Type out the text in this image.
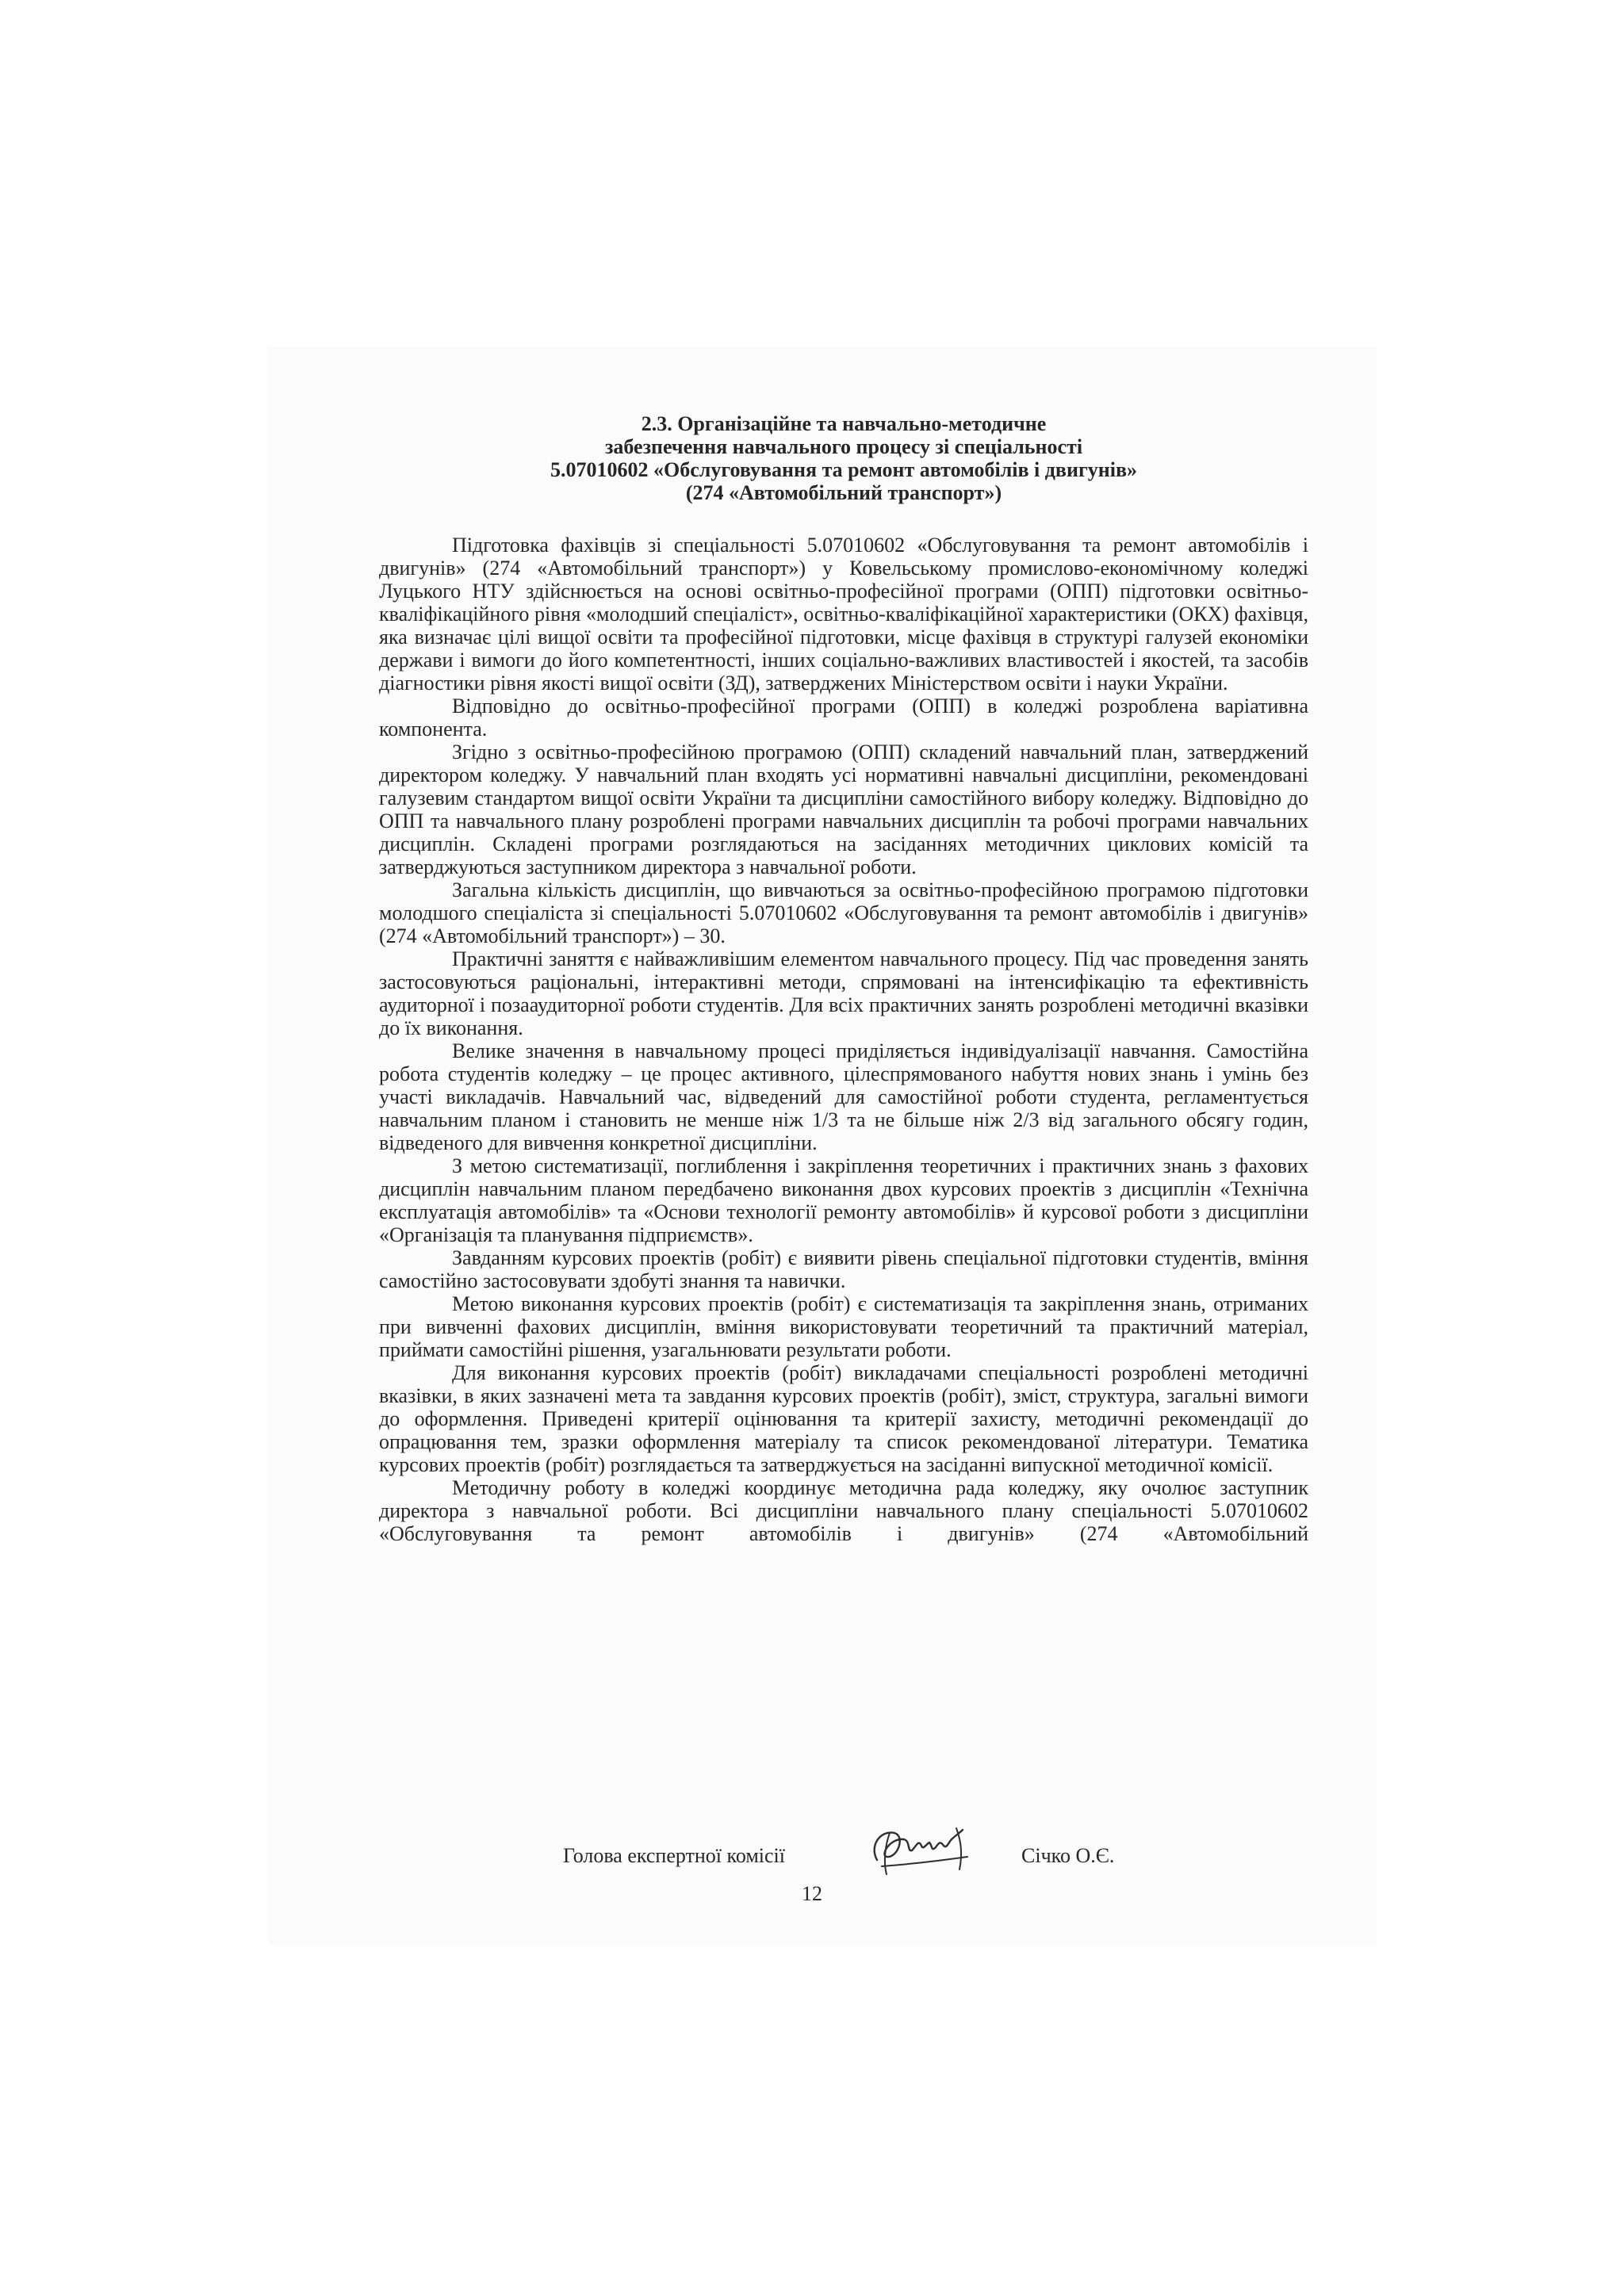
2.3. Організаційне та навчально-методичне
забезпечення навчального процесу зі спеціальності
5.07010602 «Обслуговування та ремонт автомобілів і двигунів»
(274 «Автомобільний транспорт»)

Підготовка фахівців зі спеціальності 5.07010602 «Обслуговування та ремонт автомобілів і двигунів» (274 «Автомобільний транспорт») у Ковельському промислово-економічному коледжі Луцького НТУ здійснюється на основі освітньо-професійної програми (ОПП) підготовки освітньо-кваліфікаційного рівня «молодший спеціаліст», освітньо-кваліфікаційної характеристики (ОКХ) фахівця, яка визначає цілі вищої освіти та професійної підготовки, місце фахівця в структурі галузей економіки держави і вимоги до його компетентності, інших соціально-важливих властивостей і якостей, та засобів діагностики рівня якості вищої освіти (ЗД), затверджених Міністерством освіти і науки України.

Відповідно до освітньо-професійної програми (ОПП) в коледжі розроблена варіативна компонента.

Згідно з освітньо-професійною програмою (ОПП) складений навчальний план, затверджений директором коледжу. У навчальний план входять усі нормативні навчальні дисципліни, рекомендовані галузевим стандартом вищої освіти України та дисципліни самостійного вибору коледжу. Відповідно до ОПП та навчального плану розроблені програми навчальних дисциплін та робочі програми навчальних дисциплін. Складені програми розглядаються на засіданнях методичних циклових комісій та затверджуються заступником директора з навчальної роботи.

Загальна кількість дисциплін, що вивчаються за освітньо-професійною програмою підготовки молодшого спеціаліста зі спеціальності 5.07010602 «Обслуговування та ремонт автомобілів і двигунів» (274 «Автомобільний транспорт») – 30.

Практичні заняття є найважливішим елементом навчального процесу. Під час проведення занять застосовуються раціональні, інтерактивні методи, спрямовані на інтенсифікацію та ефективність аудиторної і позааудиторної роботи студентів. Для всіх практичних занять розроблені методичні вказівки до їх виконання.

Велике значення в навчальному процесі приділяється індивідуалізації навчання. Самостійна робота студентів коледжу – це процес активного, цілеспрямованого набуття нових знань і умінь без участі викладачів. Навчальний час, відведений для самостійної роботи студента, регламентується навчальним планом і становить не менше ніж 1/3 та не більше ніж 2/3 від загального обсягу годин, відведеного для вивчення конкретної дисципліни.

З метою систематизації, поглиблення і закріплення теоретичних і практичних знань з фахових дисциплін навчальним планом передбачено виконання двох курсових проектів з дисциплін «Технічна експлуатація автомобілів» та «Основи технології ремонту автомобілів» й курсової роботи з дисципліни «Організація та планування підприємств».

Завданням курсових проектів (робіт) є виявити рівень спеціальної підготовки студентів, вміння самостійно застосовувати здобуті знання та навички.

Метою виконання курсових проектів (робіт) є систематизація та закріплення знань, отриманих при вивченні фахових дисциплін, вміння використовувати теоретичний та практичний матеріал, приймати самостійні рішення, узагальнювати результати роботи.

Для виконання курсових проектів (робіт) викладачами спеціальності розроблені методичні вказівки, в яких зазначені мета та завдання курсових проектів (робіт), зміст, структура, загальні вимоги до оформлення. Приведені критерії оцінювання та критерії захисту, методичні рекомендації до опрацювання тем, зразки оформлення матеріалу та список рекомендованої літератури. Тематика курсових проектів (робіт) розглядається та затверджується на засіданні випускної методичної комісії.

Методичну роботу в коледжі координує методична рада коледжу, яку очолює заступник директора з навчальної роботи. Всі дисципліни навчального плану спеціальності 5.07010602 «Обслуговування та ремонт автомобілів і двигунів» (274 «Автомобільний

Голова експертної комісії	Січко О.Є.
12
